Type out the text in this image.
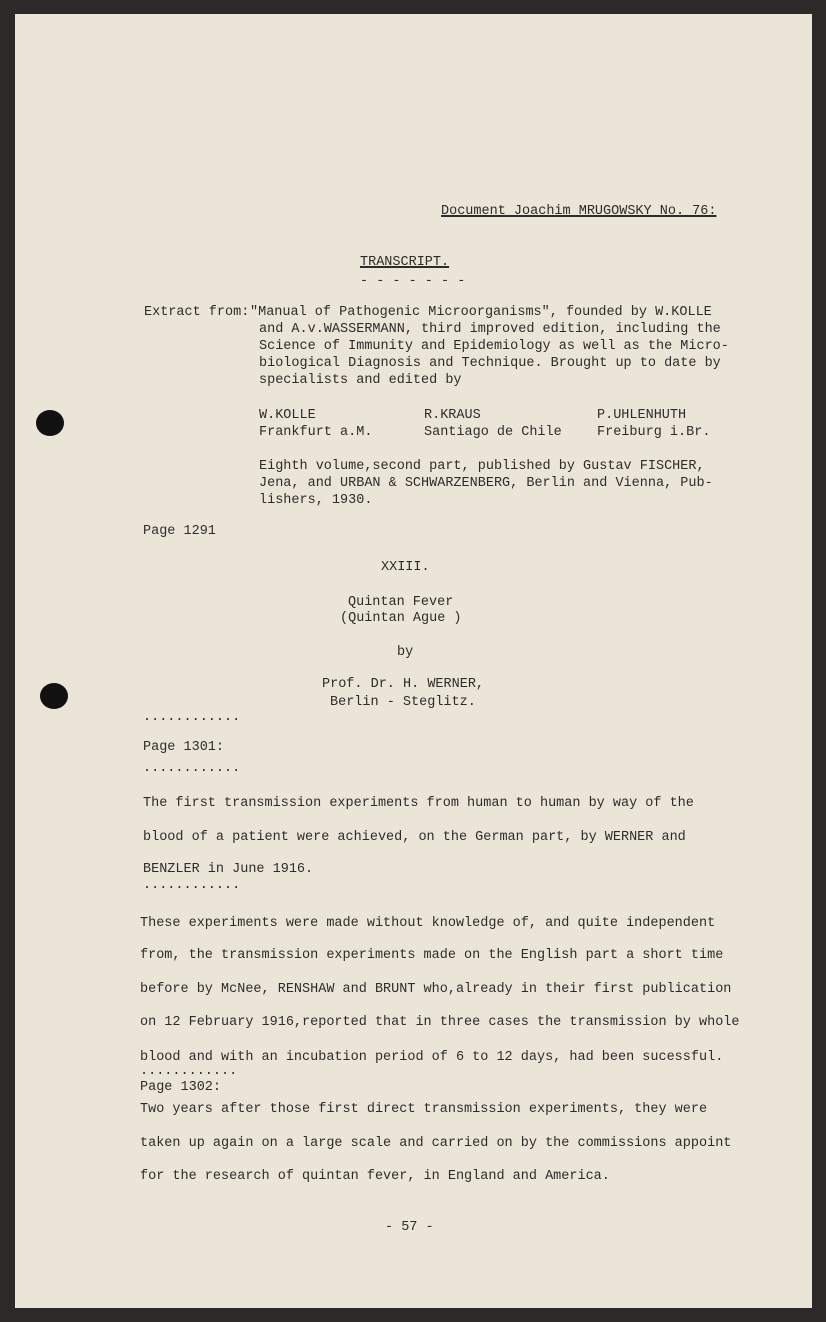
Document Joachim MRUGOWSKY No. 76:
TRANSCRIPT.
- - - - - - -
Extract from: "Manual of Pathogenic Microorganisms", founded by W.KOLLE
and A.v.WASSERMANN, third improved edition, including the
Science of Immunity and Epidemiology as well as the Micro-
biological Diagnosis and Technique. Brought up to date by
specialists and edited by
W.KOLLE
Frankfurt a.M.
R.KRAUS
Santiago de Chile
P.UHLENHUTH
Freiburg i.Br.
Eighth volume,second part, published by Gustav FISCHER,
Jena, and URBAN & SCHWARZENBERG, Berlin and Vienna, Pub-
lishers, 1930.
Page 1291
XXIII.
Quintan Fever
(Quintan Ague )
by
Prof. Dr. H. WERNER,
Berlin - Steglitz.
............
Page 1301:
............
The first transmission experiments from human to human by way of the
blood of a patient were achieved, on the German part, by WERNER and
BENZLER in June 1916.
............
These experiments were made without knowledge of, and quite independent
from, the transmission experiments made on the English part a short time
before by McNee, RENSHAW and BRUNT who,already in their first publication
on 12 February 1916,reported that in three cases the transmission by whole
blood and with an incubation period of 6 to 12 days, had been sucessful.
............
Page 1302:
Two years after those first direct transmission experiments, they were
taken up again on a large scale and carried on by the commissions appoint
for the research of quintan fever, in England and America.
- 57 -
